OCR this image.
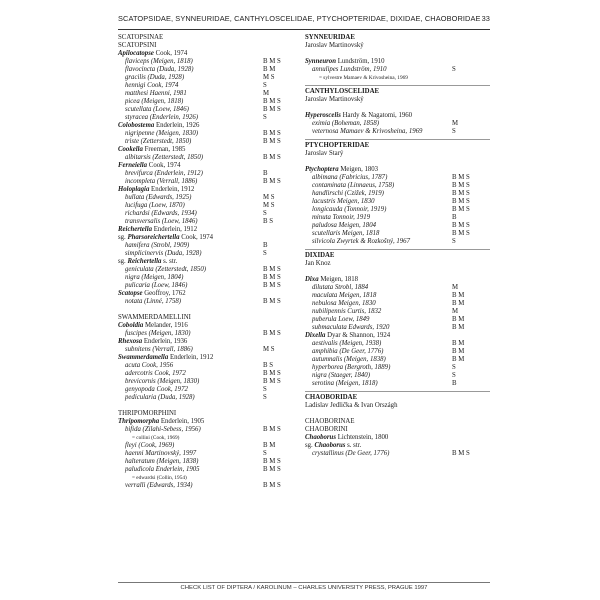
SCATOPSIDAE, SYNNEURIDAE, CANTHYLOSCELIDAE, PTYCHOPTERIDAE, DIXIDAE, CHAOBORIDAE 33
SCATOPSINAE
SCATOPSINI
Apilocatopse Cook, 1974
flaviceps (Meigen, 1818)	B M S
flavocincta (Duda, 1928)	B M
gracilis (Duda, 1928)	M S
hennigi Cook, 1974	S
matthesi Haenni, 1981	M
picea (Meigen, 1818)	B M S
scutellata (Loew, 1846)	B M S
styracea (Enderlein, 1926)	S
Colobostema Enderlein, 1926
nigripenne (Meigen, 1830)	B M S
triste (Zetterstedt, 1850)	B M S
Cookella Freeman, 1985
albitarsis (Zetterstedt, 1850)	B M S
Ferneiella Cook, 1974
brevifurca (Enderlein, 1912)	B
incompleta (Verrall, 1886)	B M S
Holoplagia Enderlein, 1912
bullata (Edwards, 1925)	M S
lucifuga (Loew, 1870)	M S
richardsi (Edwards, 1934)	S
transversalis (Loew, 1846)	B S
Reichertella Enderlein, 1912
sg. Pharsoreichertella Cook, 1974
hamifera (Strobl, 1909)	B
simplicinervis (Duda, 1928)	S
sg. Reichertella s. str.
geniculata (Zetterstedt, 1850)	B M S
nigra (Meigen, 1804)	B M S
pulicaria (Loew, 1846)	B M S
Scatopse Geoffroy, 1762
notata (Linné, 1758)	B M S
SWAMMERDAMELLINI
Coboldia Melander, 1916
fuscipes (Meigen, 1830)	B M S
Rhexosa Enderlein, 1936
subnitens (Verrall, 1886)	M S
Swammerdamella Enderlein, 1912
acuta Cook, 1956	B S
adercotris Cook, 1972	B M S
brevicornis (Meigen, 1830)	B M S
genyopoda Cook, 1972	S
pedicularia (Duda, 1928)	S
THRIPOMORPHINI
Thripomorpha Enderlein, 1905
bifida (Zilahi-Sebess, 1956)	B M S
= collini (Cook, 1969)
fleyi (Cook, 1969)	B M
haenni Martinovský, 1997	S
halteratum (Meigen, 1838)	B M S
paludicola Enderlein, 1905	B M S
= edwardsi (Collin, 1954)
verralli (Edwards, 1934)	B M S
SYNNEURIDAE
Jaroslav Martinovský
Synneuron Lundström, 1910
annulipes Lundström, 1910	S
= sylvestre Mamaev & Krivosheina, 1969
CANTHYLOSCELIDAE
Jaroslav Martinovský
Hyperoscelis Hardy & Nagatomi, 1960
eximia (Boheman, 1858)	M
veternosa Mamaev & Krivosheina, 1969	S
PTYCHOPTERIDAE
Jaroslav Starý
Ptychoptera Meigen, 1803
albimana (Fabricius, 1787)	B M S
contaminata (Linnaeus, 1758)	B M S
handlirschi (Czižek, 1919)	B M S
lacustris Meigen, 1830	B M S
longicauda (Tonnoir, 1919)	B M S
minuta Tonnoir, 1919	B
paludosa Meigen, 1804	B M S
scutellaris Meigen, 1818	B M S
silvicola Zwyrtek & Rozkošný, 1967	S
DIXIDAE
Jan Knoz
Dixa Meigen, 1818
dilutata Strobl, 1884	M
maculata Meigen, 1818	B M
nebulosa Meigen, 1830	B M
nubilipennis Curtis, 1832	M
puberula Loew, 1849	B M
submaculata Edwards, 1920	B M
Dixella Dyar & Shannon, 1924
aestivalis (Meigen, 1938)	B M
amphibia (De Geer, 1776)	B M
autumnalis (Meigen, 1838)	B M
hyperborea (Bergroth, 1889)	S
nigra (Staeger, 1840)	S
serotina (Meigen, 1818)	B
CHAOBORIDAE
Ladislav Jedlička & Ivan Országh
CHAOBORINAE
CHAOBORINI
Chaoborus Lichtenstein, 1800
sg. Chaoborus s. str.
crystallinus (De Geer, 1776)	B M S
CHECK LIST OF DIPTERA / KAROLINUM – CHARLES UNIVERSITY PRESS, PRAGUE 1997
